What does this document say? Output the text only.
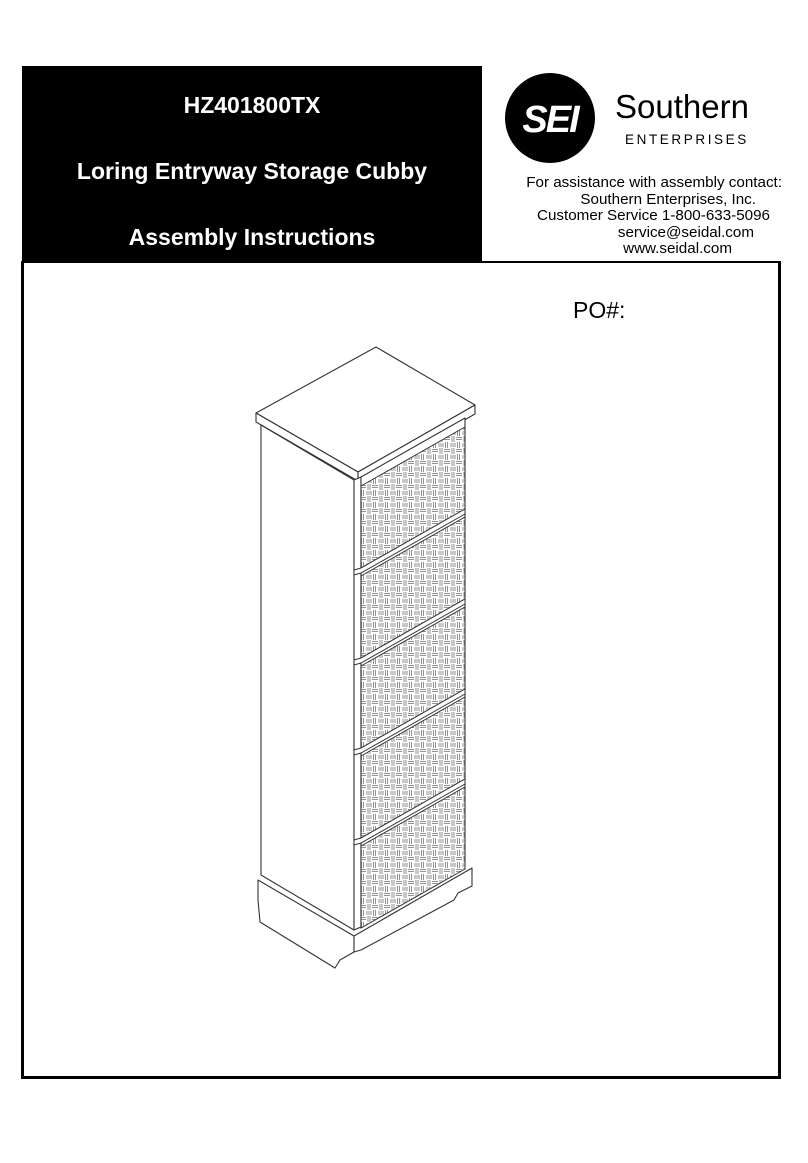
HZ401800TX
Loring Entryway Storage Cubby
Assembly Instructions
SEI Southern
ENTERPRISES
For assistance with assembly contact:
Southern Enterprises, Inc.
Customer Service 1-800-633-5096
service@seidal.com
www.seidal.com
PO#:
